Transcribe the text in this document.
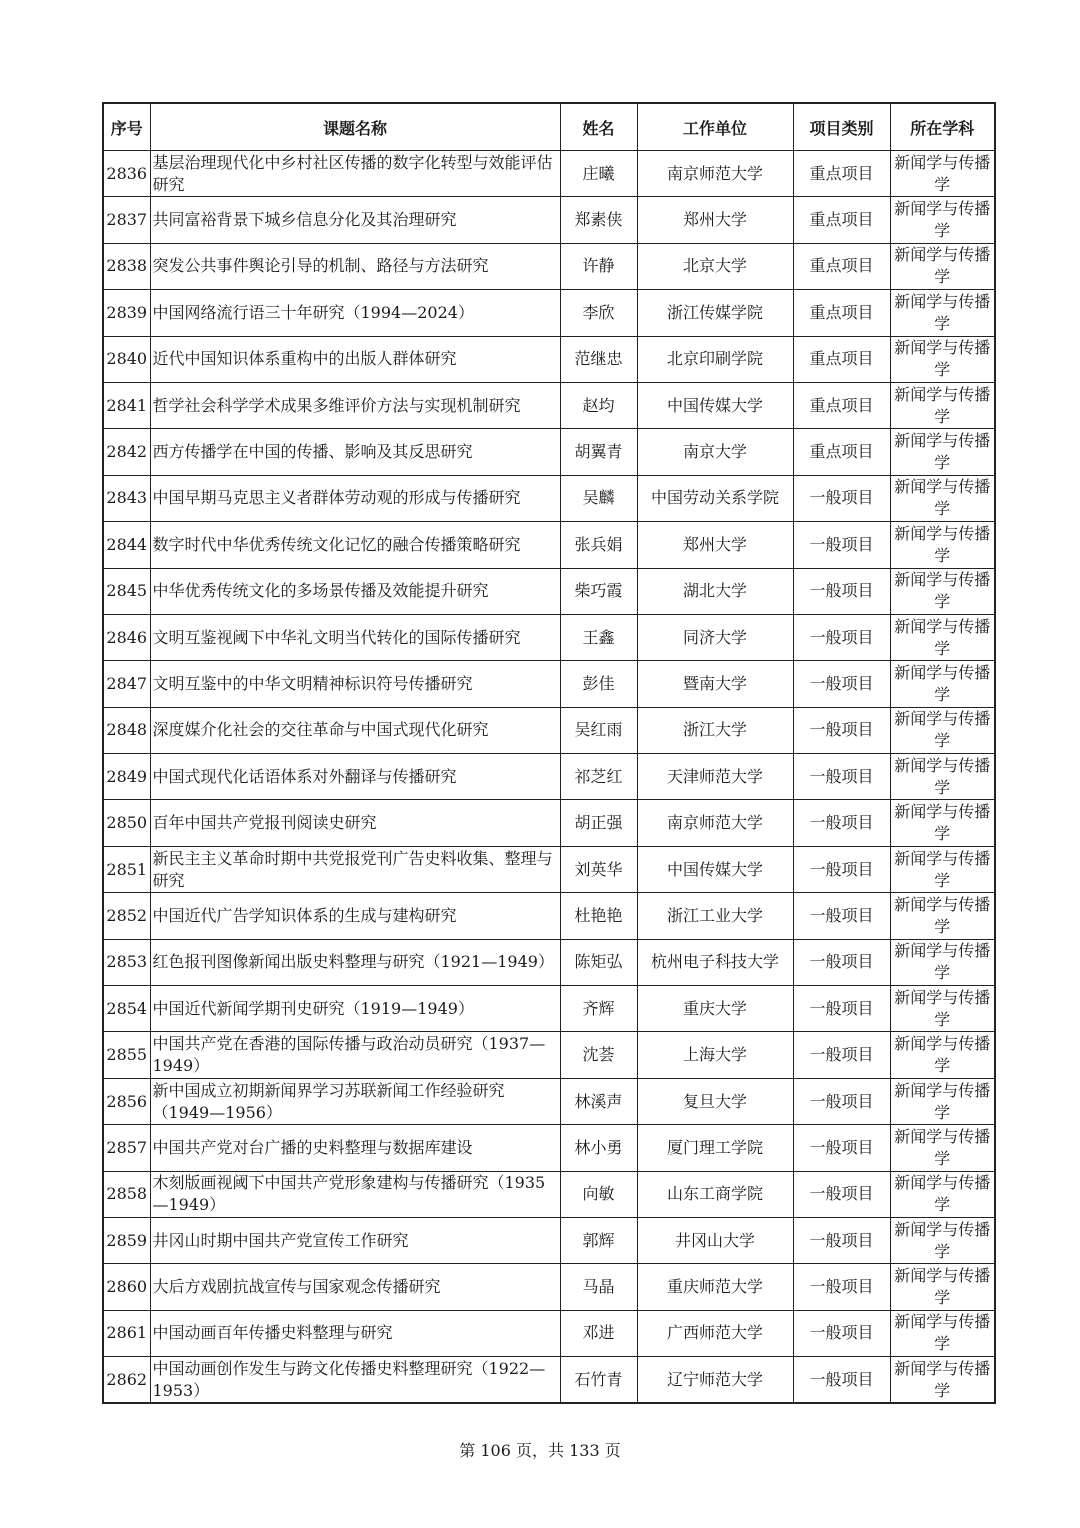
序号	课题名称	姓名	工作单位	项目类别	所在学科
2836	基层治理现代化中乡村社区传播的数字化转型与效能评估研究	庄曦	南京师范大学	重点项目	新闻学与传播学
2837	共同富裕背景下城乡信息分化及其治理研究	郑素侠	郑州大学	重点项目	新闻学与传播学
2838	突发公共事件舆论引导的机制、路径与方法研究	许静	北京大学	重点项目	新闻学与传播学
2839	中国网络流行语三十年研究（1994—2024）	李欣	浙江传媒学院	重点项目	新闻学与传播学
2840	近代中国知识体系重构中的出版人群体研究	范继忠	北京印刷学院	重点项目	新闻学与传播学
2841	哲学社会科学学术成果多维评价方法与实现机制研究	赵均	中国传媒大学	重点项目	新闻学与传播学
2842	西方传播学在中国的传播、影响及其反思研究	胡翼青	南京大学	重点项目	新闻学与传播学
2843	中国早期马克思主义者群体劳动观的形成与传播研究	吴麟	中国劳动关系学院	一般项目	新闻学与传播学
2844	数字时代中华优秀传统文化记忆的融合传播策略研究	张兵娟	郑州大学	一般项目	新闻学与传播学
2845	中华优秀传统文化的多场景传播及效能提升研究	柴巧霞	湖北大学	一般项目	新闻学与传播学
2846	文明互鉴视阈下中华礼文明当代转化的国际传播研究	王鑫	同济大学	一般项目	新闻学与传播学
2847	文明互鉴中的中华文明精神标识符号传播研究	彭佳	暨南大学	一般项目	新闻学与传播学
2848	深度媒介化社会的交往革命与中国式现代化研究	吴红雨	浙江大学	一般项目	新闻学与传播学
2849	中国式现代化话语体系对外翻译与传播研究	祁芝红	天津师范大学	一般项目	新闻学与传播学
2850	百年中国共产党报刊阅读史研究	胡正强	南京师范大学	一般项目	新闻学与传播学
2851	新民主主义革命时期中共党报党刊广告史料收集、整理与研究	刘英华	中国传媒大学	一般项目	新闻学与传播学
2852	中国近代广告学知识体系的生成与建构研究	杜艳艳	浙江工业大学	一般项目	新闻学与传播学
2853	红色报刊图像新闻出版史料整理与研究（1921—1949）	陈矩弘	杭州电子科技大学	一般项目	新闻学与传播学
2854	中国近代新闻学期刊史研究（1919—1949）	齐辉	重庆大学	一般项目	新闻学与传播学
2855	中国共产党在香港的国际传播与政治动员研究（1937—1949）	沈荟	上海大学	一般项目	新闻学与传播学
2856	新中国成立初期新闻界学习苏联新闻工作经验研究（1949—1956）	林溪声	复旦大学	一般项目	新闻学与传播学
2857	中国共产党对台广播的史料整理与数据库建设	林小勇	厦门理工学院	一般项目	新闻学与传播学
2858	木刻版画视阈下中国共产党形象建构与传播研究（1935—1949）	向敏	山东工商学院	一般项目	新闻学与传播学
2859	井冈山时期中国共产党宣传工作研究	郭辉	井冈山大学	一般项目	新闻学与传播学
2860	大后方戏剧抗战宣传与国家观念传播研究	马晶	重庆师范大学	一般项目	新闻学与传播学
2861	中国动画百年传播史料整理与研究	邓进	广西师范大学	一般项目	新闻学与传播学
2862	中国动画创作发生与跨文化传播史料整理研究（1922—1953）	石竹青	辽宁师范大学	一般项目	新闻学与传播学
第 106 页，共 133 页
